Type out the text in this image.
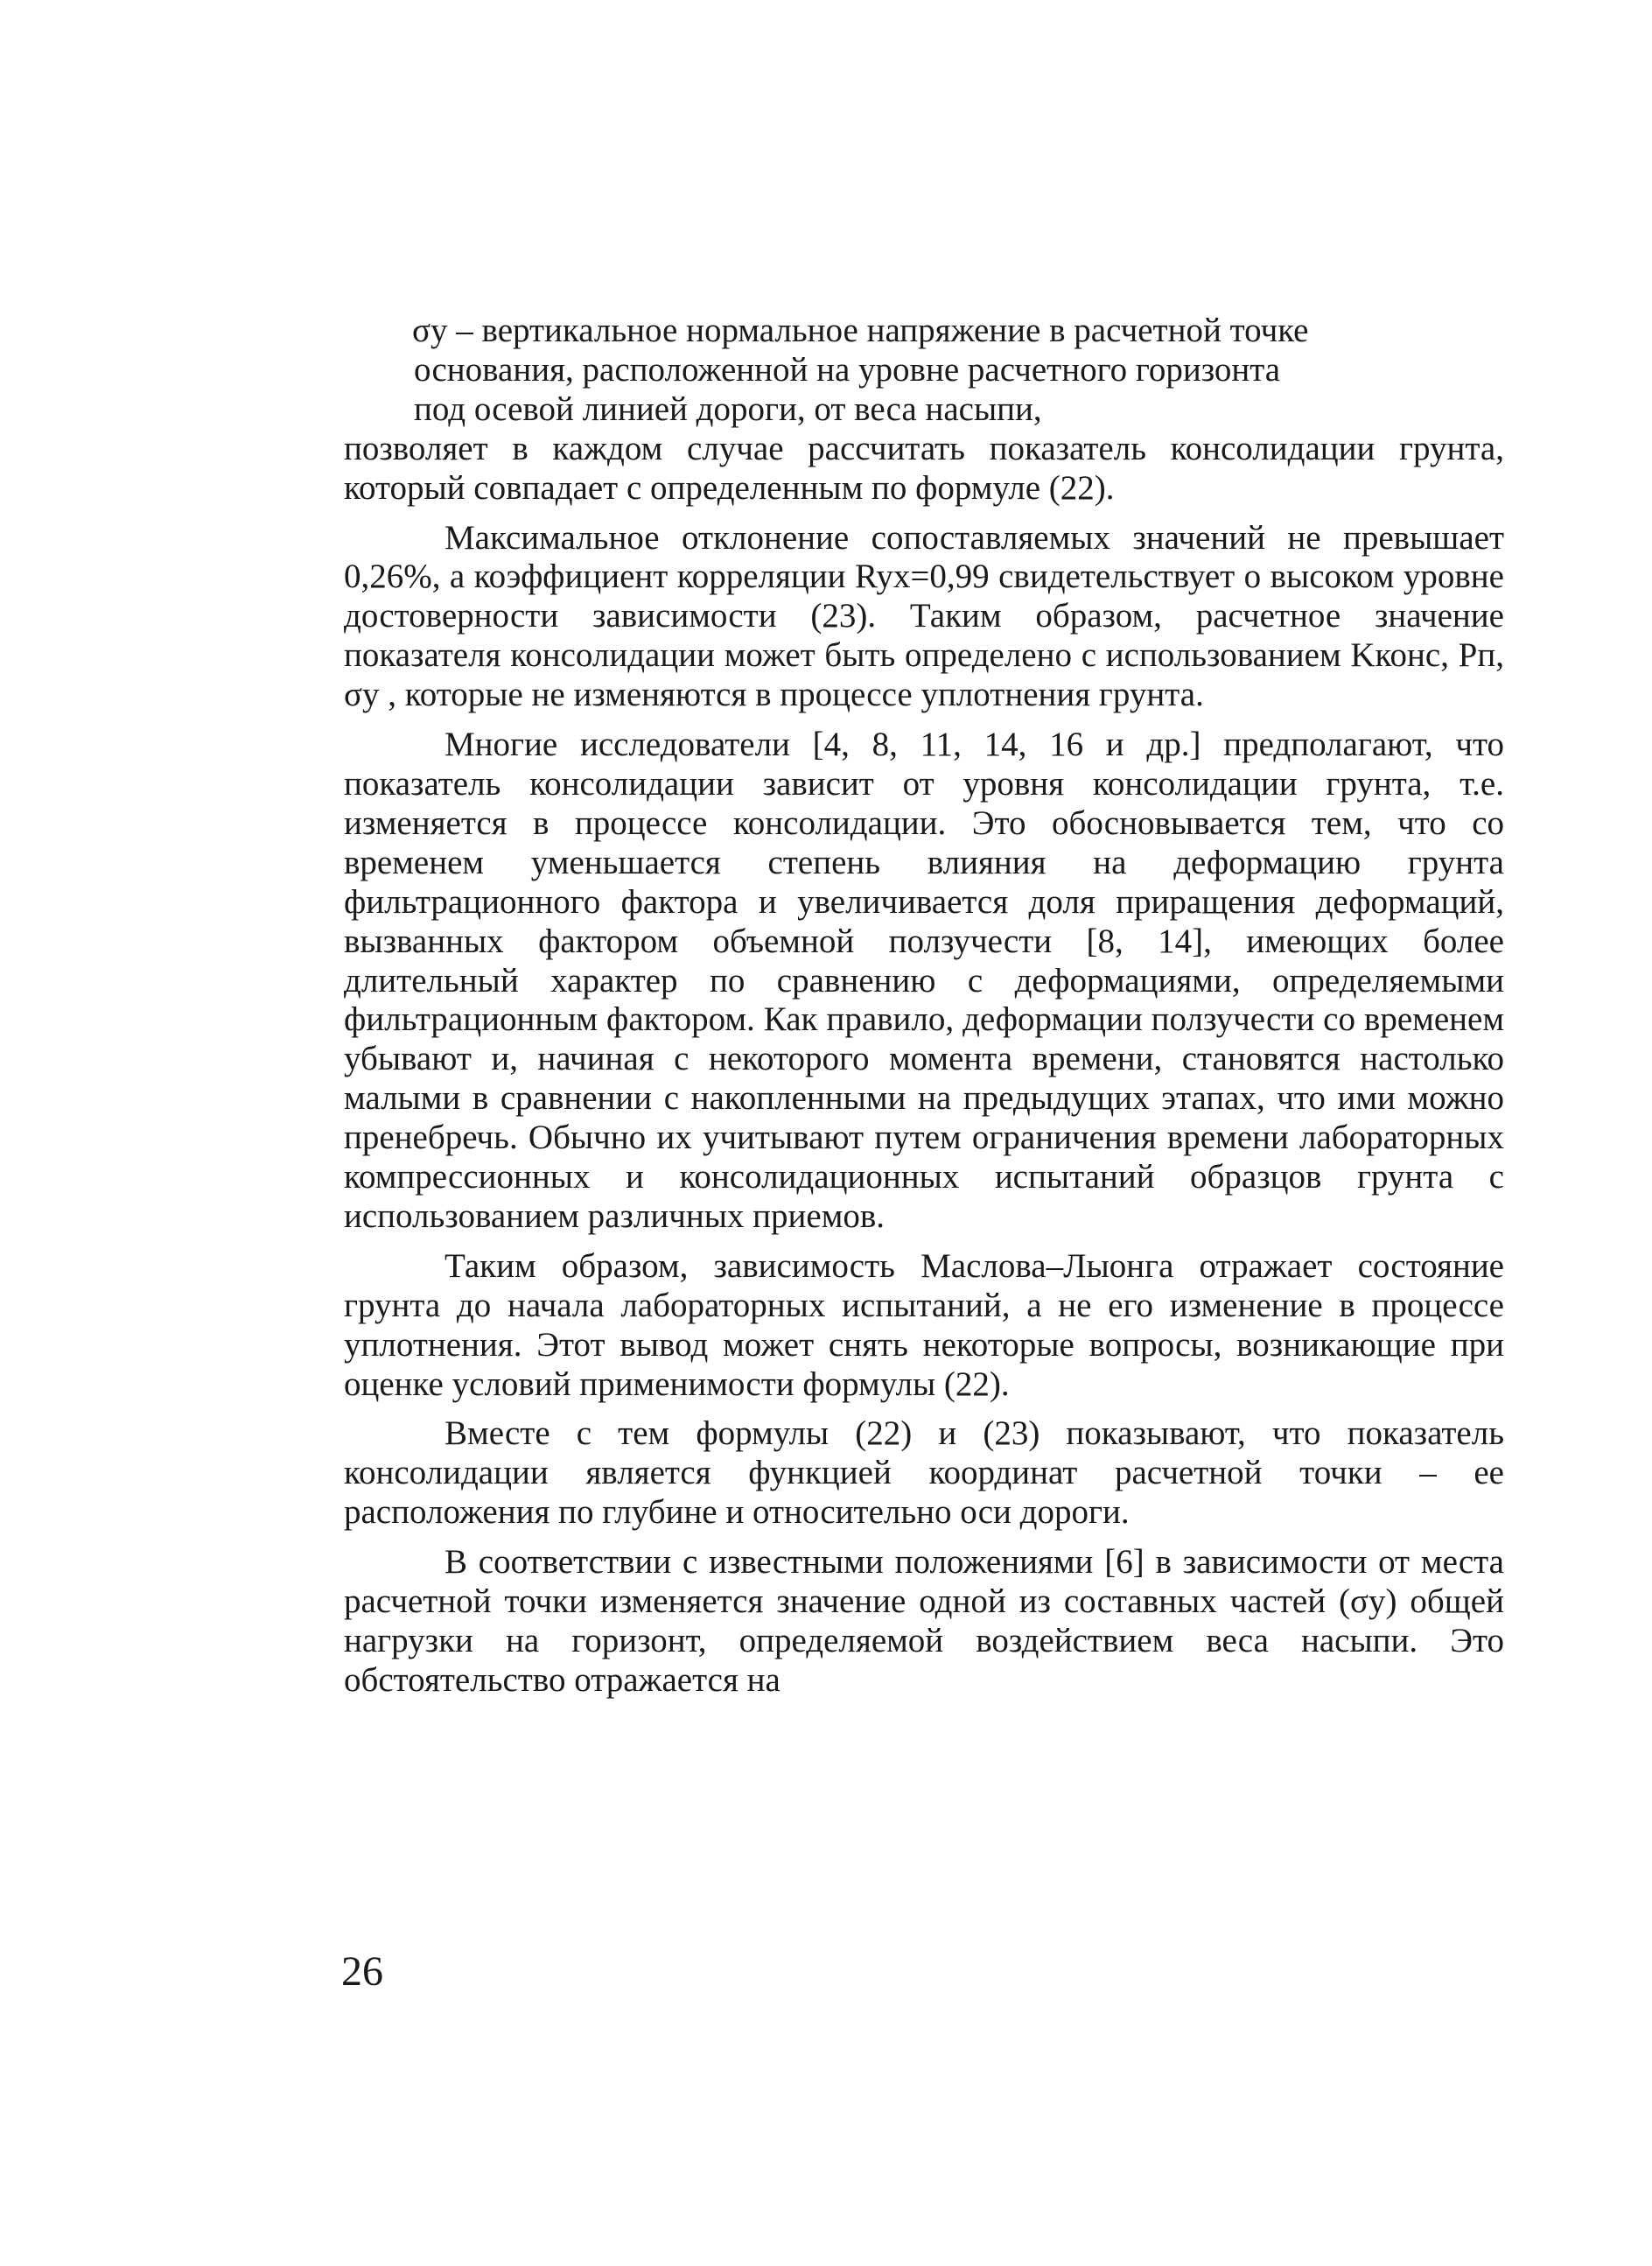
σy – вертикальное нормальное напряжение в расчетной точке
основания, расположенной на уровне расчетного горизонта
под осевой линией дороги, от веса насыпи,
позволяет в каждом случае рассчитать показатель консолидации грунта, который совпадает с определенным по формуле (22).

Максимальное отклонение сопоставляемых значений не превышает 0,26%, а коэффициент корреляции Ryx=0,99 свидетельствует о высоком уровне достоверности зависимости (23). Таким образом, расчетное значение показателя консолидации может быть определено с использованием Kконс, Pп, σy , которые не изменяются в процессе уплотнения грунта.

Многие исследователи [4, 8, 11, 14, 16 и др.] предполагают, что показатель консолидации зависит от уровня консолидации грунта, т.е. изменяется в процессе консолидации. Это обосновывается тем, что со временем уменьшается степень влияния на деформацию грунта фильтрационного фактора и увеличивается доля приращения деформаций, вызванных фактором объемной ползучести [8, 14], имеющих более длительный характер по сравнению с деформациями, определяемыми фильтрационным фактором. Как правило, деформации ползучести со временем убывают и, начиная с некоторого момента времени, становятся настолько малыми в сравнении с накопленными на предыдущих этапах, что ими можно пренебречь. Обычно их учитывают путем ограничения времени лабораторных компрессионных и консолидационных испытаний образцов грунта с использованием различных приемов.

Таким образом, зависимость Маслова–Лыонга отражает состояние грунта до начала лабораторных испытаний, а не его изменение в процессе уплотнения. Этот вывод может снять некоторые вопросы, возникающие при оценке условий применимости формулы (22).

Вместе с тем формулы (22) и (23) показывают, что показатель консолидации является функцией координат расчетной точки – ее расположения по глубине и относительно оси дороги.

В соответствии с известными положениями [6] в зависимости от места расчетной точки изменяется значение одной из составных частей (σy) общей нагрузки на горизонт, определяемой воздействием веса насыпи. Это обстоятельство отражается на

26
